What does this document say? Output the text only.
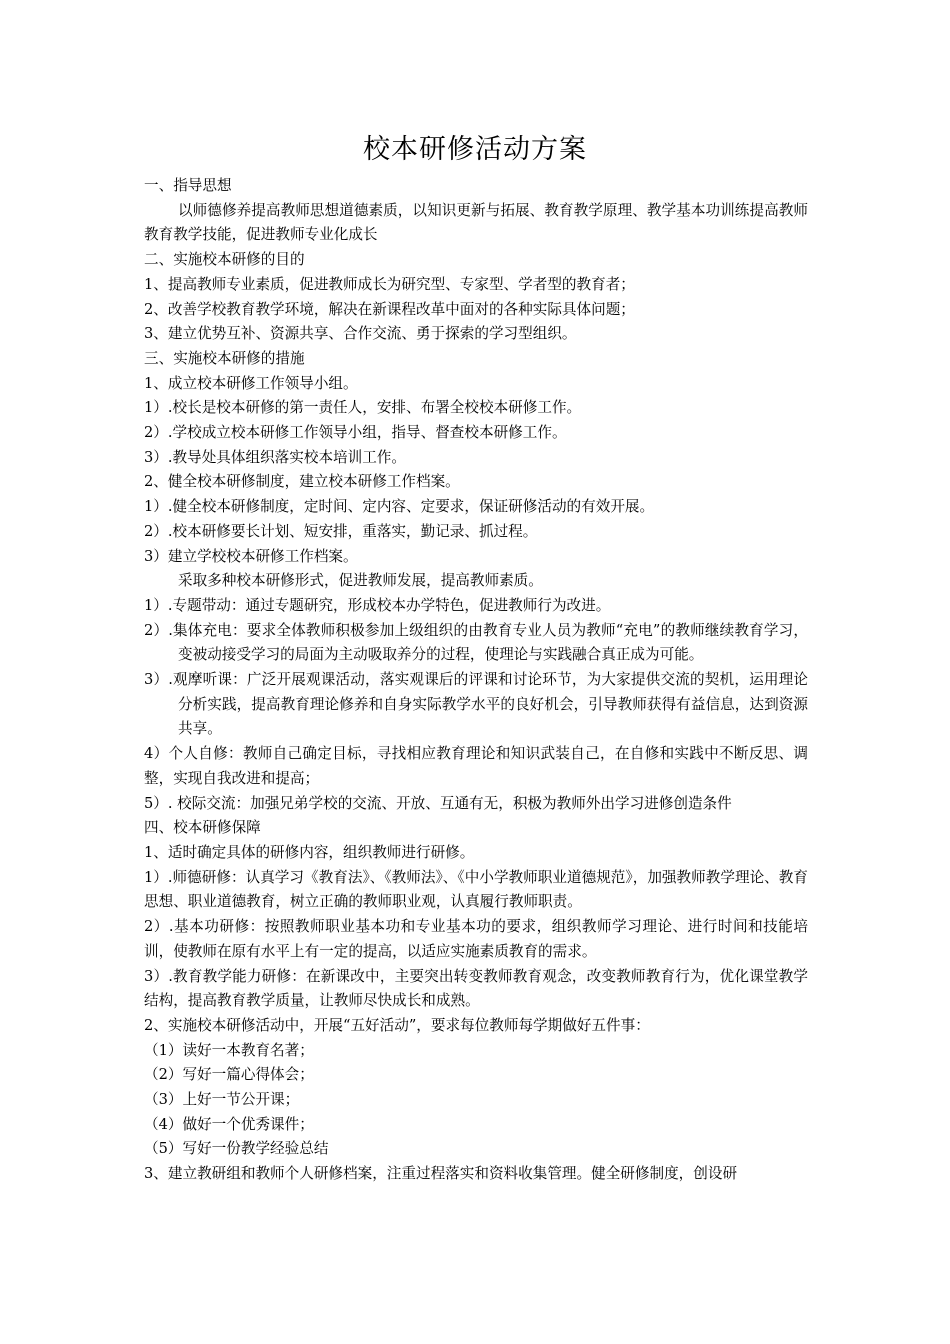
校本研修活动方案

一、指导思想

以师德修养提高教师思想道德素质，以知识更新与拓展、教育教学原理、教学基本功训练提高教师教育教学技能，促进教师专业化成长

二、实施校本研修的目的

1、提高教师专业素质，促进教师成长为研究型、专家型、学者型的教育者；

2、改善学校教育教学环境，解决在新课程改革中面对的各种实际具体问题；

3、建立优势互补、资源共享、合作交流、勇于探索的学习型组织。

三、实施校本研修的措施

1、成立校本研修工作领导小组。

1）.校长是校本研修的第一责任人，安排、布署全校校本研修工作。

2）.学校成立校本研修工作领导小组，指导、督查校本研修工作。

3）.教导处具体组织落实校本培训工作。

2、健全校本研修制度，建立校本研修工作档案。

1）.健全校本研修制度，定时间、定内容、定要求，保证研修活动的有效开展。

2）.校本研修要长计划、短安排，重落实，勤记录、抓过程。

3）建立学校校本研修工作档案。

采取多种校本研修形式，促进教师发展，提高教师素质。

1）.专题带动：通过专题研究，形成校本办学特色，促进教师行为改进。

2）.集体充电：要求全体教师积极参加上级组织的由教育专业人员为教师“充电”的教师继续教育学习，变被动接受学习的局面为主动吸取养分的过程，使理论与实践融合真正成为可能。

3）.观摩听课：广泛开展观课活动，落实观课后的评课和讨论环节，为大家提供交流的契机，运用理论分析实践，提高教育理论修养和自身实际教学水平的良好机会，引导教师获得有益信息，达到资源共享。

4）个人自修：教师自己确定目标，寻找相应教育理论和知识武装自己，在自修和实践中不断反思、调整，实现自我改进和提高；

5）. 校际交流：加强兄弟学校的交流、开放、互通有无，积极为教师外出学习进修创造条件

四、校本研修保障

1、适时确定具体的研修内容，组织教师进行研修。

1）.师德研修：认真学习《教育法》、《教师法》、《中小学教师职业道德规范》，加强教师教学理论、教育思想、职业道德教育，树立正确的教师职业观，认真履行教师职责。

2）.基本功研修：按照教师职业基本功和专业基本功的要求，组织教师学习理论、进行时间和技能培训，使教师在原有水平上有一定的提高，以适应实施素质教育的需求。

3）.教育教学能力研修：在新课改中，主要突出转变教师教育观念，改变教师教育行为，优化课堂教学结构，提高教育教学质量，让教师尽快成长和成熟。

2、实施校本研修活动中，开展“五好活动”，要求每位教师每学期做好五件事：

（1）读好一本教育名著；

（2）写好一篇心得体会；

（3）上好一节公开课；

（4）做好一个优秀课件；

（5）写好一份教学经验总结

3、建立教研组和教师个人研修档案，注重过程落实和资料收集管理。健全研修制度，创设研
